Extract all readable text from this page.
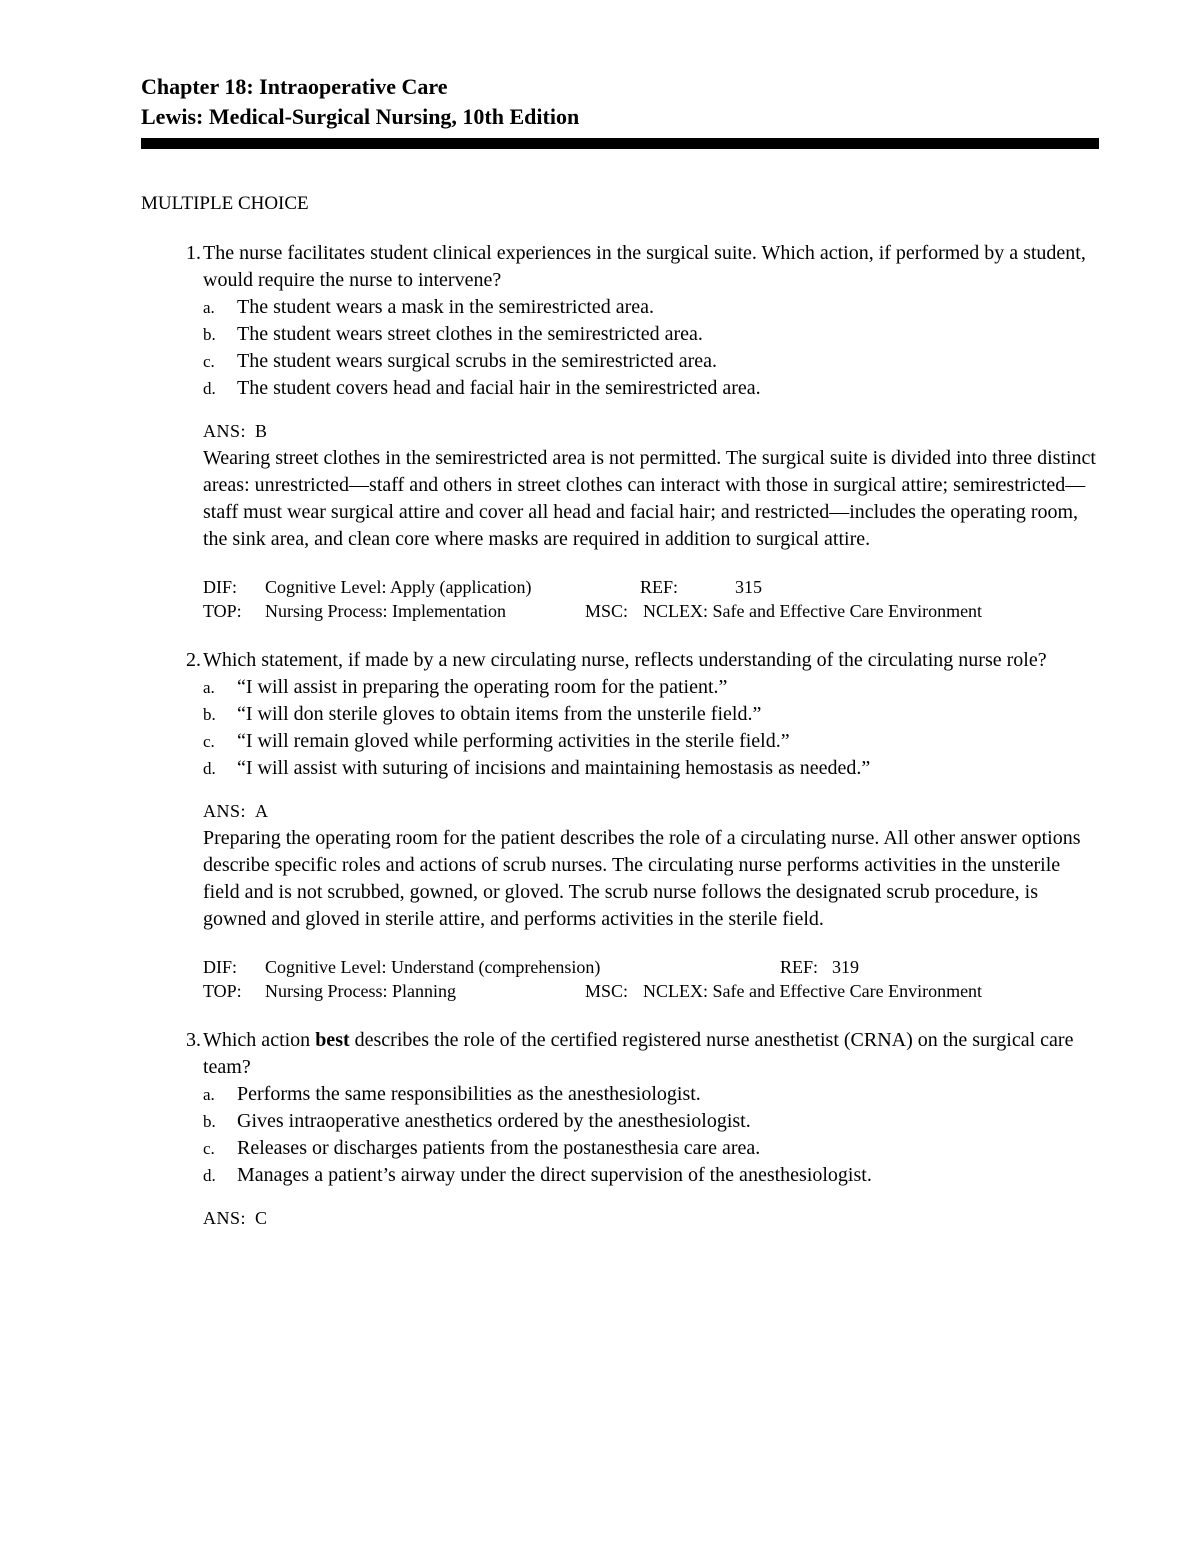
Chapter 18: Intraoperative Care
Lewis: Medical-Surgical Nursing, 10th Edition
MULTIPLE CHOICE
1. The nurse facilitates student clinical experiences in the surgical suite. Which action, if performed by a student, would require the nurse to intervene?

a.	The student wears a mask in the semirestricted area.
b.	The student wears street clothes in the semirestricted area.
c.	The student wears surgical scrubs in the semirestricted area.
d.	The student covers head and facial hair in the semirestricted area.
ANS: B

Wearing street clothes in the semirestricted area is not permitted. The surgical suite is divided into three distinct areas: unrestricted—staff and others in street clothes can interact with those in surgical attire; semirestricted—staff must wear surgical attire and cover all head and facial hair; and restricted—includes the operating room, the sink area, and clean core where masks are required in addition to surgical attire.

DIF:	Cognitive Level: Apply (application)	REF:	315
TOP:	Nursing Process: Implementation	MSC: NCLEX: Safe and Effective Care Environment
2. Which statement, if made by a new circulating nurse, reflects understanding of the circulating nurse role?

a.	“I will assist in preparing the operating room for the patient.”
b.	“I will don sterile gloves to obtain items from the unsterile field.”
c.	“I will remain gloved while performing activities in the sterile field.”
d.	“I will assist with suturing of incisions and maintaining hemostasis as needed.”
ANS: A

Preparing the operating room for the patient describes the role of a circulating nurse. All other answer options describe specific roles and actions of scrub nurses. The circulating nurse performs activities in the unsterile field and is not scrubbed, gowned, or gloved. The scrub nurse follows the designated scrub procedure, is gowned and gloved in sterile attire, and performs activities in the sterile field.

DIF:	Cognitive Level: Understand (comprehension)	REF: 319
TOP:	Nursing Process: Planning	MSC: NCLEX: Safe and Effective Care Environment
3. Which action best describes the role of the certified registered nurse anesthetist (CRNA) on the surgical care team?

a.	Performs the same responsibilities as the anesthesiologist.
b.	Gives intraoperative anesthetics ordered by the anesthesiologist.
c.	Releases or discharges patients from the postanesthesia care area.
d.	Manages a patient’s airway under the direct supervision of the anesthesiologist.
ANS: C
